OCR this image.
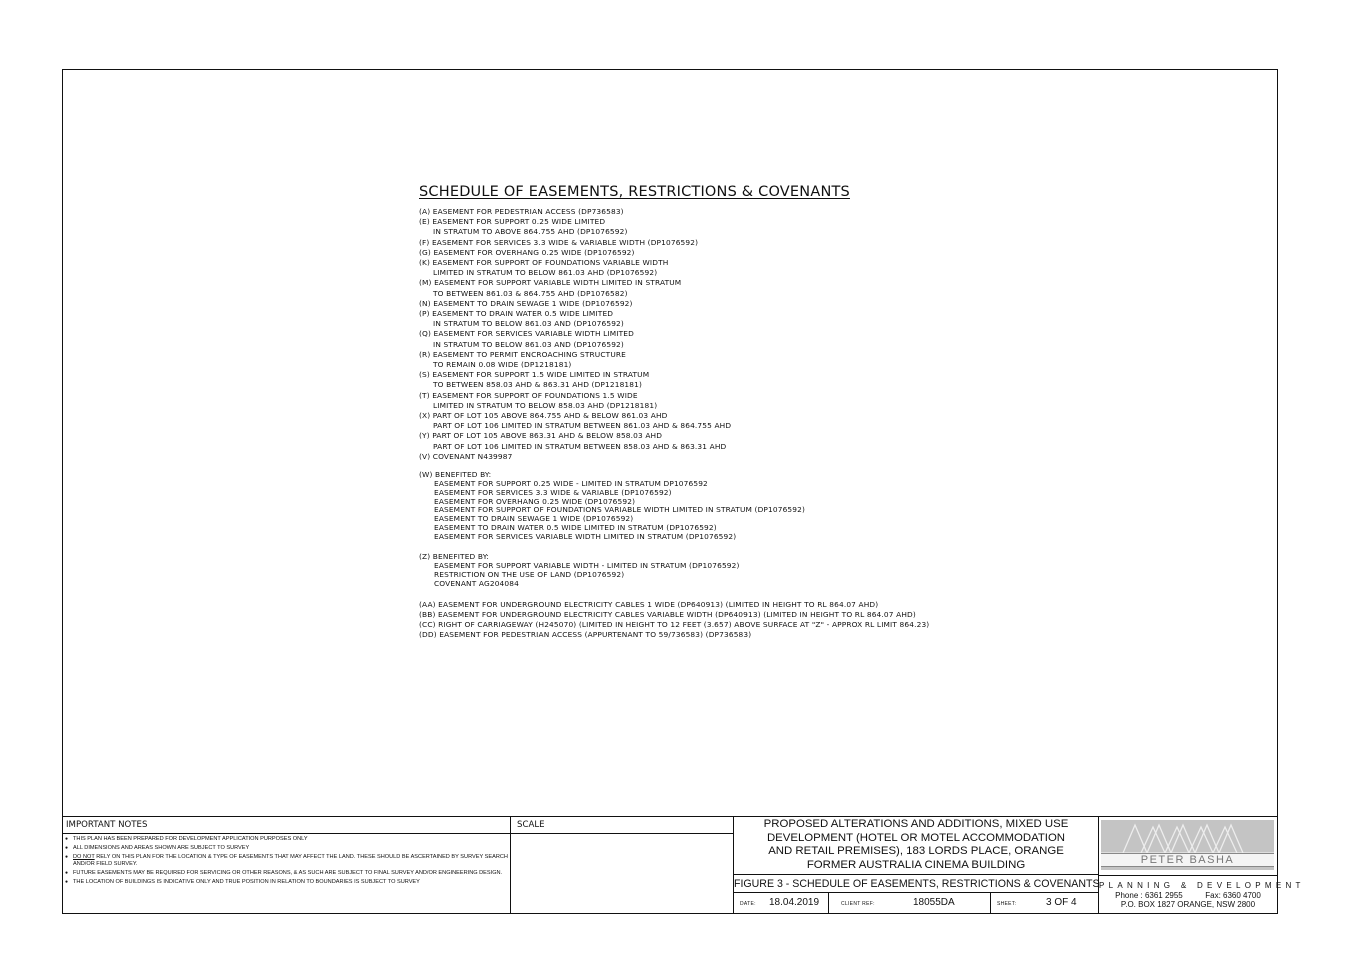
SCHEDULE OF EASEMENTS, RESTRICTIONS & COVENANTS
(A) EASEMENT FOR PEDESTRIAN ACCESS (DP736583)
(E) EASEMENT FOR SUPPORT 0.25 WIDE LIMITED
IN STRATUM TO ABOVE 864.755 AHD (DP1076592)
(F) EASEMENT FOR SERVICES 3.3 WIDE & VARIABLE WIDTH (DP1076592)
(G) EASEMENT FOR OVERHANG 0.25 WIDE (DP1076592)
(K) EASEMENT FOR SUPPORT OF FOUNDATIONS VARIABLE WIDTH
LIMITED IN STRATUM TO BELOW 861.03 AHD (DP1076592)
(M) EASEMENT FOR SUPPORT VARIABLE WIDTH LIMITED IN STRATUM
TO BETWEEN 861.03 & 864.755 AHD (DP1076582)
(N) EASEMENT TO DRAIN SEWAGE 1 WIDE (DP1076592)
(P) EASEMENT TO DRAIN WATER 0.5 WIDE LIMITED
IN STRATUM TO BELOW 861.03 AND (DP1076592)
(Q) EASEMENT FOR SERVICES VARIABLE WIDTH LIMITED
IN STRATUM TO BELOW 861.03 AND (DP1076592)
(R) EASEMENT TO PERMIT ENCROACHING STRUCTURE
TO REMAIN 0.08 WIDE (DP1218181)
(S) EASEMENT FOR SUPPORT 1.5 WIDE LIMITED IN STRATUM
TO BETWEEN 858.03 AHD & 863.31 AHD (DP1218181)
(T) EASEMENT FOR SUPPORT OF FOUNDATIONS 1.5 WIDE
LIMITED IN STRATUM TO BELOW 858.03 AHD (DP1218181)
(X) PART OF LOT 105 ABOVE 864.755 AHD & BELOW 861.03 AHD
PART OF LOT 106 LIMITED IN STRATUM BETWEEN 861.03 AHD & 864.755 AHD
(Y) PART OF LOT 105 ABOVE 863.31 AHD & BELOW 858.03 AHD
PART OF LOT 106 LIMITED IN STRATUM BETWEEN 858.03 AHD & 863.31 AHD
(V) COVENANT N439987
(W) BENEFITED BY:
EASEMENT FOR SUPPORT 0.25 WIDE - LIMITED IN STRATUM DP1076592
EASEMENT FOR SERVICES 3.3 WIDE & VARIABLE (DP1076592)
EASEMENT FOR OVERHANG 0.25 WIDE (DP1076592)
EASEMENT FOR SUPPORT OF FOUNDATIONS VARIABLE WIDTH LIMITED IN STRATUM (DP1076592)
EASEMENT TO DRAIN SEWAGE 1 WIDE (DP1076592)
EASEMENT TO DRAIN WATER 0.5 WIDE LIMITED IN STRATUM (DP1076592)
EASEMENT FOR SERVICES VARIABLE WIDTH LIMITED IN STRATUM (DP1076592)
(Z) BENEFITED BY:
EASEMENT FOR SUPPORT VARIABLE WIDTH - LIMITED IN STRATUM (DP1076592)
RESTRICTION ON THE USE OF LAND (DP1076592)
COVENANT AG204084
(AA) EASEMENT FOR UNDERGROUND ELECTRICITY CABLES 1 WIDE (DP640913) (LIMITED IN HEIGHT TO RL 864.07 AHD)
(BB) EASEMENT FOR UNDERGROUND ELECTRICITY CABLES VARIABLE WIDTH (DP640913) (LIMITED IN HEIGHT TO RL 864.07 AHD)
(CC) RIGHT OF CARRIAGEWAY (H245070) (LIMITED IN HEIGHT TO 12 FEET (3.657) ABOVE SURFACE AT "Z" - APPROX RL LIMIT 864.23)
(DD) EASEMENT FOR PEDESTRIAN ACCESS (APPURTENANT TO 59/736583) (DP736583)
IMPORTANT NOTES
● THIS PLAN HAS BEEN PREPARED FOR DEVELOPMENT APPLICATION PURPOSES ONLY
● ALL DIMENSIONS AND AREAS SHOWN ARE SUBJECT TO SURVEY
● DO NOT RELY ON THIS PLAN FOR THE LOCATION & TYPE OF EASEMENTS THAT MAY AFFECT THE LAND. THESE SHOULD BE ASCERTAINED BY SURVEY SEARCH AND/OR FIELD SURVEY.
● FUTURE EASEMENTS MAY BE REQUIRED FOR SERVICING OR OTHER REASONS, & AS SUCH ARE SUBJECT TO FINAL SURVEY AND/OR ENGINEERING DESIGN.
● THE LOCATION OF BUILDINGS IS INDICATIVE ONLY AND TRUE POSITION IN RELATION TO BOUNDARIES IS SUBJECT TO SURVEY
SCALE	PROPOSED ALTERATIONS AND ADDITIONS, MIXED USE
DEVELOPMENT (HOTEL OR MOTEL ACCOMMODATION
AND RETAIL PREMISES), 183 LORDS PLACE, ORANGE
FORMER AUSTRALIA CINEMA BUILDING
FIGURE 3 - SCHEDULE OF EASEMENTS, RESTRICTIONS & COVENANTS
DATE: 18.04.2019	CLIENT REF:	18055DA	SHEET:	3 OF 4
PETER BASHA
PLANNING & DEVELOPMENT
Phone : 6361 2955	Fax: 6360 4700
P.O. BOX 1827 ORANGE, NSW 2800
